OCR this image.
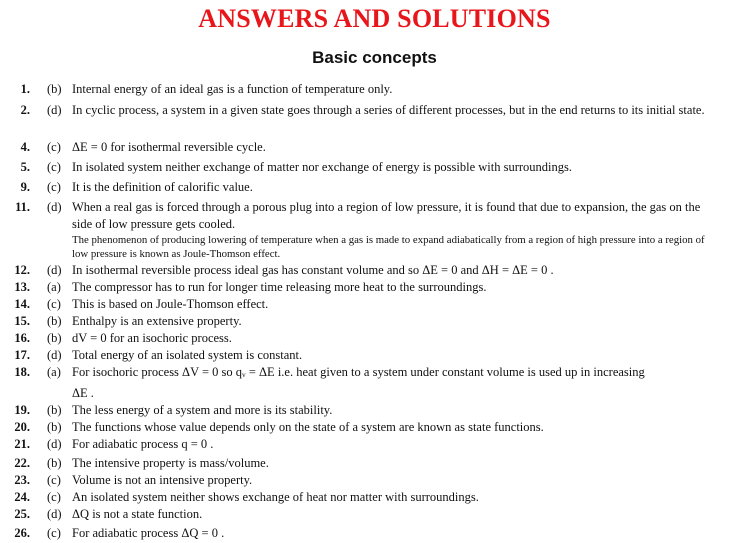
ANSWERS AND SOLUTIONS
Basic concepts
1. (b) Internal energy of an ideal gas is a function of temperature only.
2. (d) In cyclic process, a system in a given state goes through a series of different processes, but in the end returns to its initial state.
4. (c) ΔE = 0 for isothermal reversible cycle.
5. (c) In isolated system neither exchange of matter nor exchange of energy is possible with surroundings.
9. (c) It is the definition of calorific value.
11. (d) When a real gas is forced through a porous plug into a region of low pressure, it is found that due to expansion, the gas on the side of low pressure gets cooled.
The phenomenon of producing lowering of temperature when a gas is made to expand adiabatically from a region of high pressure into a region of low pressure is known as Joule-Thomson effect.
12. (d) In isothermal reversible process ideal gas has constant volume and so ΔE = 0 and ΔH = ΔE = 0 .
13. (a) The compressor has to run for longer time releasing more heat to the surroundings.
14. (c) This is based on Joule-Thomson effect.
15. (b) Enthalpy is an extensive property.
16. (b) dV = 0 for an isochoric process.
17. (d) Total energy of an isolated system is constant.
18. (a) For isochoric process ΔV = 0 so qᵥ = ΔE i.e. heat given to a system under constant volume is used up in increasing
ΔE .
19. (b) The less energy of a system and more is its stability.
20. (b) The functions whose value depends only on the state of a system are known as state functions.
21. (d) For adiabatic process q = 0 .
22. (b) The intensive property is mass/volume.
23. (c) Volume is not an intensive property.
24. (c) An isolated system neither shows exchange of heat nor matter with surroundings.
25. (d) ΔQ is not a state function.
26. (c) For adiabatic process ΔQ = 0 .
